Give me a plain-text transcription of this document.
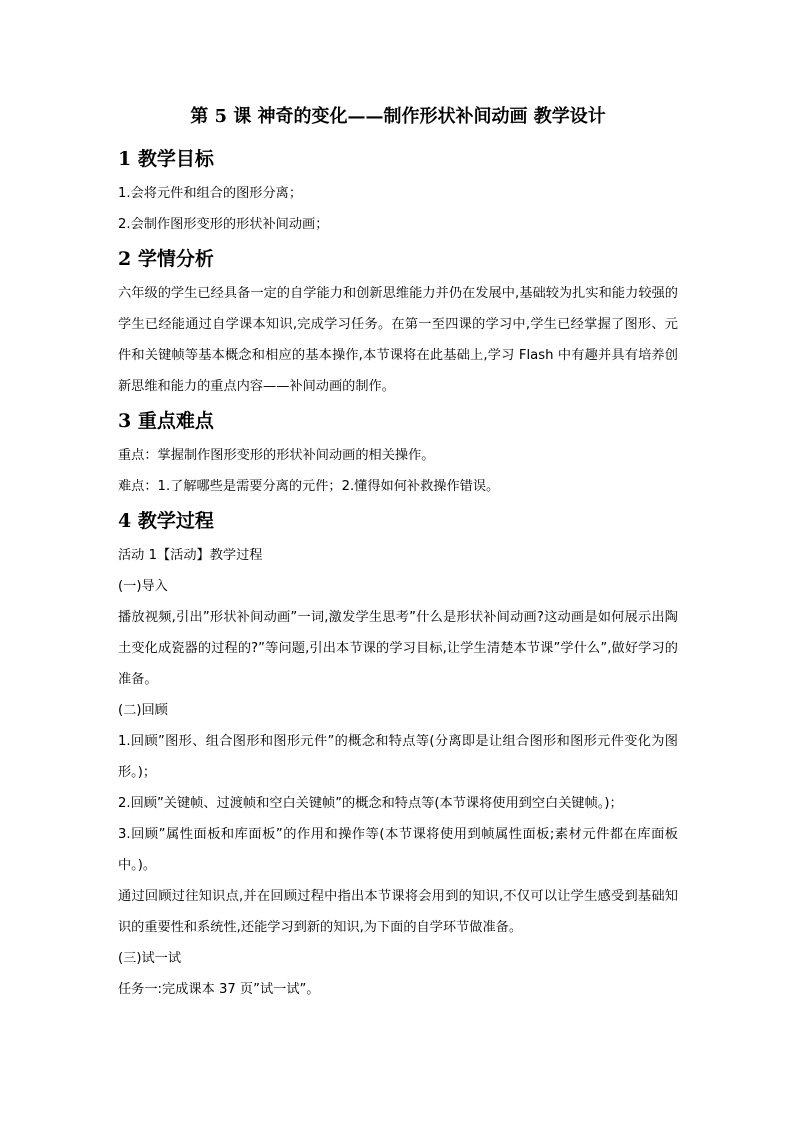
第 5 课 神奇的变化——制作形状补间动画 教学设计
1 教学目标
1.会将元件和组合的图形分离；
2.会制作图形变形的形状补间动画；
2 学情分析
六年级的学生已经具备一定的自学能力和创新思维能力并仍在发展中,基础较为扎实和能力较强的学生已经能通过自学课本知识,完成学习任务。在第一至四课的学习中,学生已经掌握了图形、元件和关键帧等基本概念和相应的基本操作,本节课将在此基础上,学习 Flash 中有趣并具有培养创新思维和能力的重点内容——补间动画的制作。
3 重点难点
重点：掌握制作图形变形的形状补间动画的相关操作。
难点：1.了解哪些是需要分离的元件；2.懂得如何补救操作错误。
4 教学过程
活动 1【活动】教学过程
(一)导入
播放视频,引出”形状补间动画”一词,激发学生思考”什么是形状补间动画?这动画是如何展示出陶土变化成瓷器的过程的?”等问题,引出本节课的学习目标,让学生清楚本节课”学什么”,做好学习的准备。
(二)回顾
1.回顾”图形、组合图形和图形元件”的概念和特点等(分离即是让组合图形和图形元件变化为图形。)；
2.回顾”关键帧、过渡帧和空白关键帧”的概念和特点等(本节课将使用到空白关键帧。)；
3.回顾”属性面板和库面板”的作用和操作等(本节课将使用到帧属性面板;素材元件都在库面板中。)。
通过回顾过往知识点,并在回顾过程中指出本节课将会用到的知识,不仅可以让学生感受到基础知识的重要性和系统性,还能学习到新的知识,为下面的自学环节做准备。
(三)试一试
任务一:完成课本 37 页”试一试”。
